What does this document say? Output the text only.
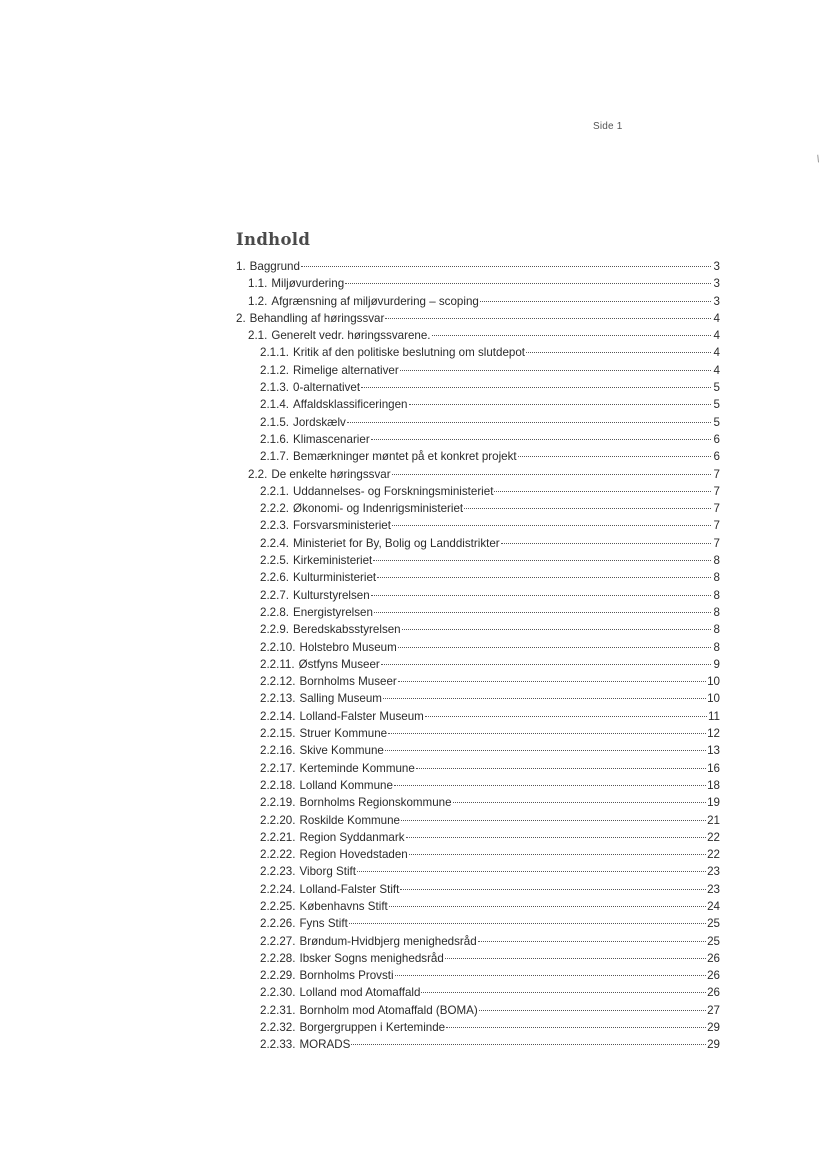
Side 1
/
Indhold
1. Baggrund	3
1.1. Miljøvurdering	3
1.2. Afgrænsning af miljøvurdering – scoping	3
2. Behandling af høringssvar	4
2.1. Generelt vedr. høringssvarene.	4
2.1.1. Kritik af den politiske beslutning om slutdepot	4
2.1.2. Rimelige alternativer	4
2.1.3. 0-alternativet	5
2.1.4. Affaldsklassificeringen	5
2.1.5. Jordskælv	5
2.1.6. Klimascenarier	6
2.1.7. Bemærkninger møntet på et konkret projekt	6
2.2. De enkelte høringssvar	7
2.2.1. Uddannelses- og Forskningsministeriet	7
2.2.2. Økonomi- og Indenrigsministeriet	7
2.2.3. Forsvarsministeriet	7
2.2.4. Ministeriet for By, Bolig og Landdistrikter	7
2.2.5. Kirkeministeriet	8
2.2.6. Kulturministeriet	8
2.2.7. Kulturstyrelsen	8
2.2.8. Energistyrelsen	8
2.2.9. Beredskabsstyrelsen	8
2.2.10. Holstebro Museum	8
2.2.11. Østfyns Museer	9
2.2.12. Bornholms Museer	10
2.2.13. Salling Museum	10
2.2.14. Lolland-Falster Museum	11
2.2.15. Struer Kommune	12
2.2.16. Skive Kommune	13
2.2.17. Kerteminde Kommune	16
2.2.18. Lolland Kommune	18
2.2.19. Bornholms Regionskommune	19
2.2.20. Roskilde Kommune	21
2.2.21. Region Syddanmark	22
2.2.22. Region Hovedstaden	22
2.2.23. Viborg Stift	23
2.2.24. Lolland-Falster Stift	23
2.2.25. Københavns Stift	24
2.2.26. Fyns Stift	25
2.2.27. Brøndum-Hvidbjerg menighedsråd	25
2.2.28. Ibsker Sogns menighedsråd	26
2.2.29. Bornholms Provsti	26
2.2.30. Lolland mod Atomaffald	26
2.2.31. Bornholm mod Atomaffald (BOMA)	27
2.2.32. Borgergruppen i Kerteminde	29
2.2.33. MORADS	29
